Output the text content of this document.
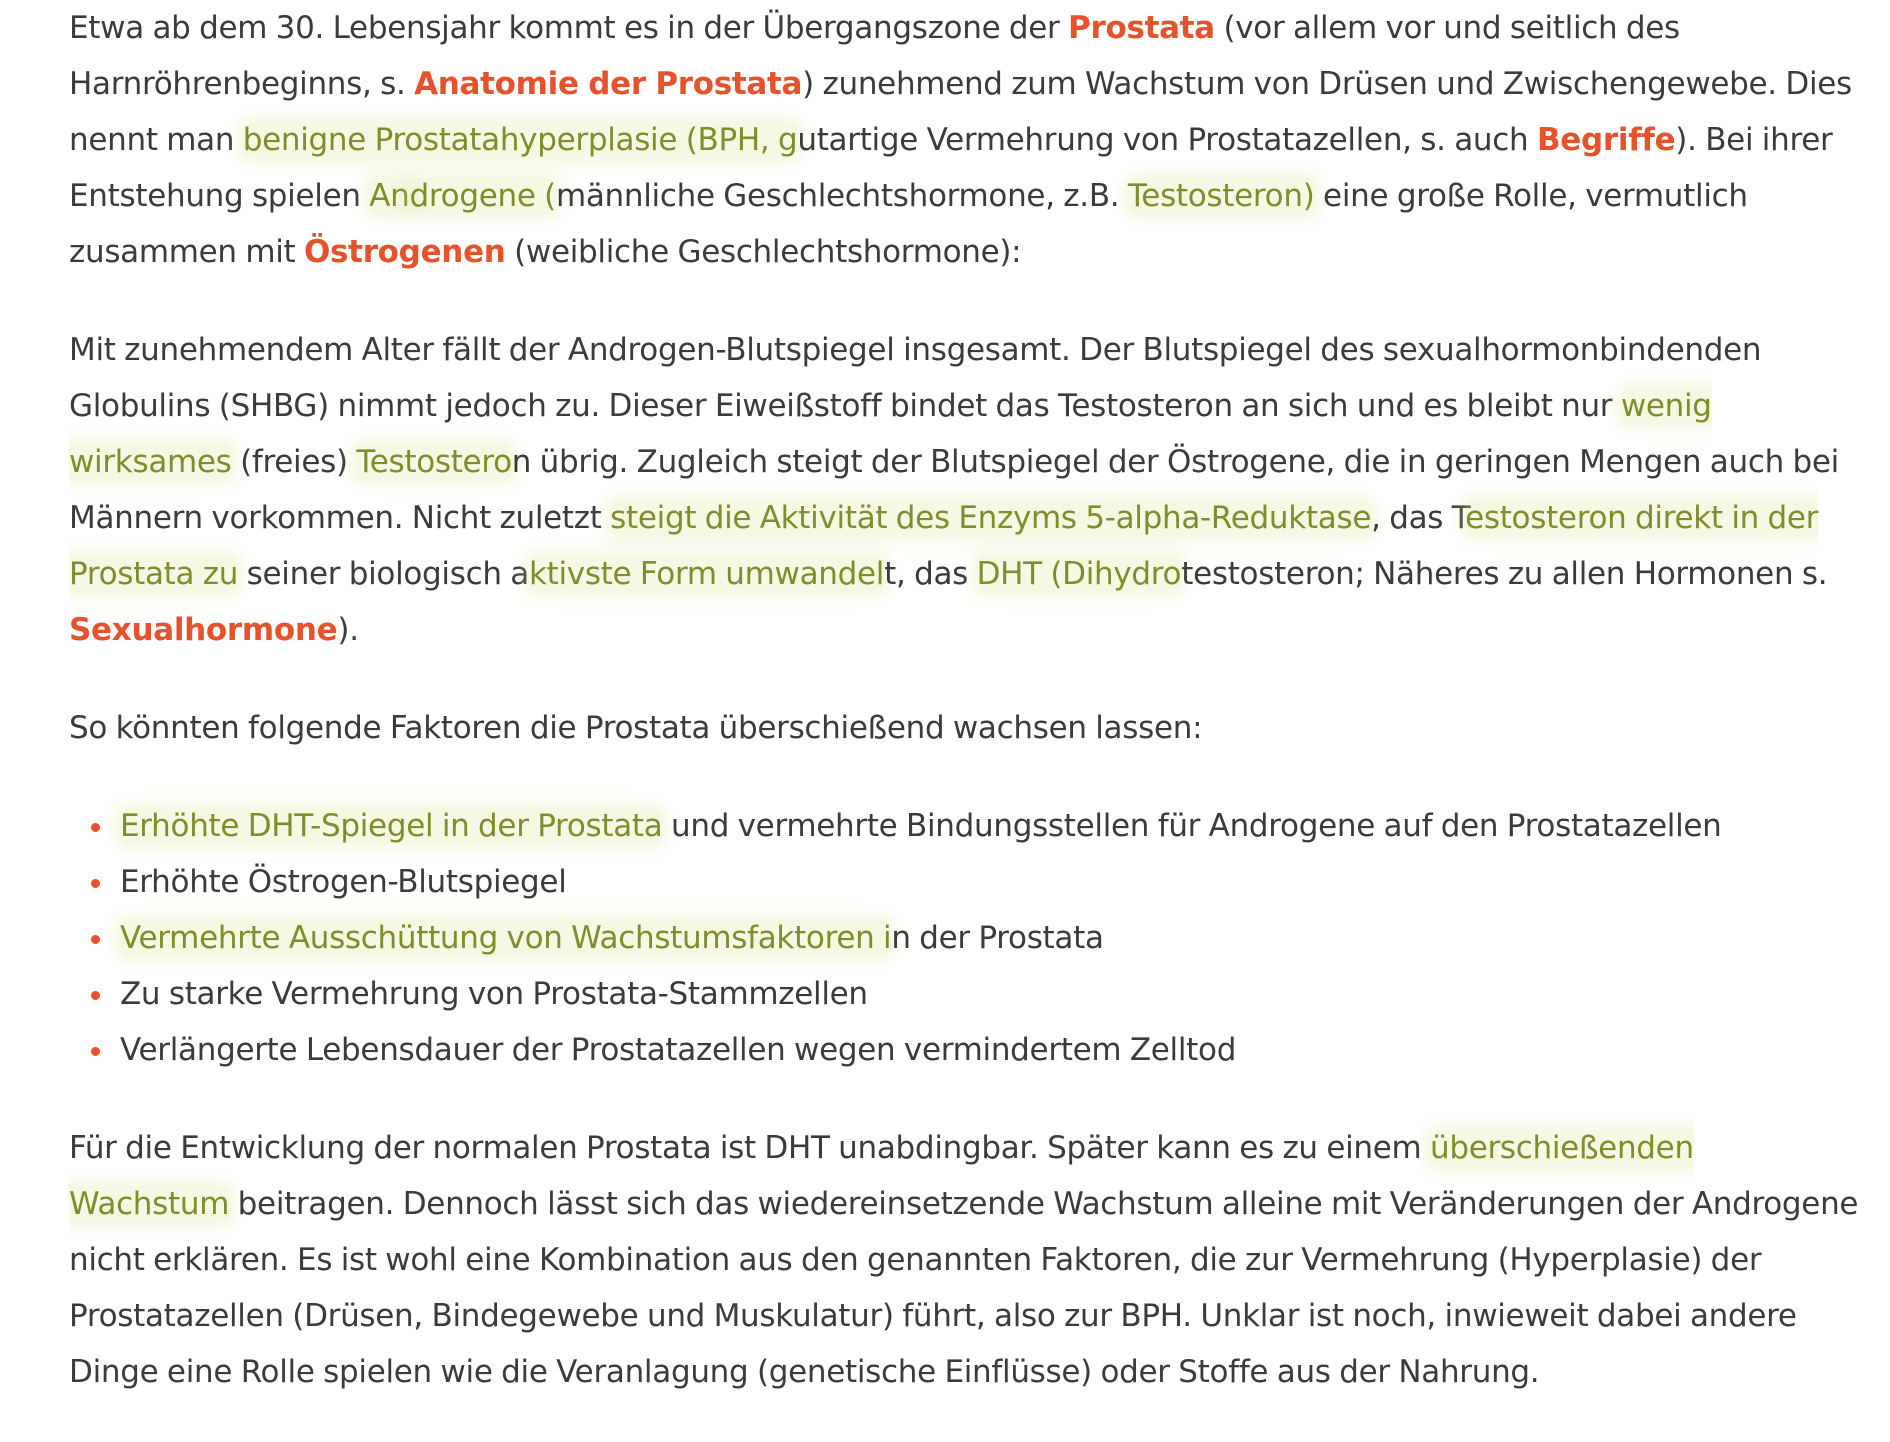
Etwa ab dem 30. Lebensjahr kommt es in der Übergangszone der Prostata (vor allem vor und seitlich des Harnröhrenbeginns, s. Anatomie der Prostata) zunehmend zum Wachstum von Drüsen und Zwischengewebe. Dies nennt man benigne Prostatahyperplasie (BPH, gutartige Vermehrung von Prostatazellen, s. auch Begriffe). Bei ihrer Entstehung spielen Androgene (männliche Geschlechtshormone, z.B. Testosteron) eine große Rolle, vermutlich zusammen mit Östrogenen (weibliche Geschlechtshormone):

Mit zunehmendem Alter fällt der Androgen-Blutspiegel insgesamt. Der Blutspiegel des sexualhormonbindenden Globulins (SHBG) nimmt jedoch zu. Dieser Eiweißstoff bindet das Testosteron an sich und es bleibt nur wenig wirksames (freies) Testosteron übrig. Zugleich steigt der Blutspiegel der Östrogene, die in geringen Mengen auch bei Männern vorkommen. Nicht zuletzt steigt die Aktivität des Enzyms 5-alpha-Reduktase, das Testosteron direkt in der Prostata zu seiner biologisch aktivste Form umwandelt, das DHT (Dihydrotestosteron; Näheres zu allen Hormonen s. Sexualhormone).

So könnten folgende Faktoren die Prostata überschießend wachsen lassen:

Erhöhte DHT-Spiegel in der Prostata und vermehrte Bindungsstellen für Androgene auf den Prostatazellen
Erhöhte Östrogen-Blutspiegel
Vermehrte Ausschüttung von Wachstumsfaktoren in der Prostata
Zu starke Vermehrung von Prostata-Stammzellen
Verlängerte Lebensdauer der Prostatazellen wegen vermindertem Zelltod

Für die Entwicklung der normalen Prostata ist DHT unabdingbar. Später kann es zu einem überschießenden Wachstum beitragen. Dennoch lässt sich das wiedereinsetzende Wachstum alleine mit Veränderungen der Androgene nicht erklären. Es ist wohl eine Kombination aus den genannten Faktoren, die zur Vermehrung (Hyperplasie) der Prostatazellen (Drüsen, Bindegewebe und Muskulatur) führt, also zur BPH. Unklar ist noch, inwieweit dabei andere Dinge eine Rolle spielen wie die Veranlagung (genetische Einflüsse) oder Stoffe aus der Nahrung.
